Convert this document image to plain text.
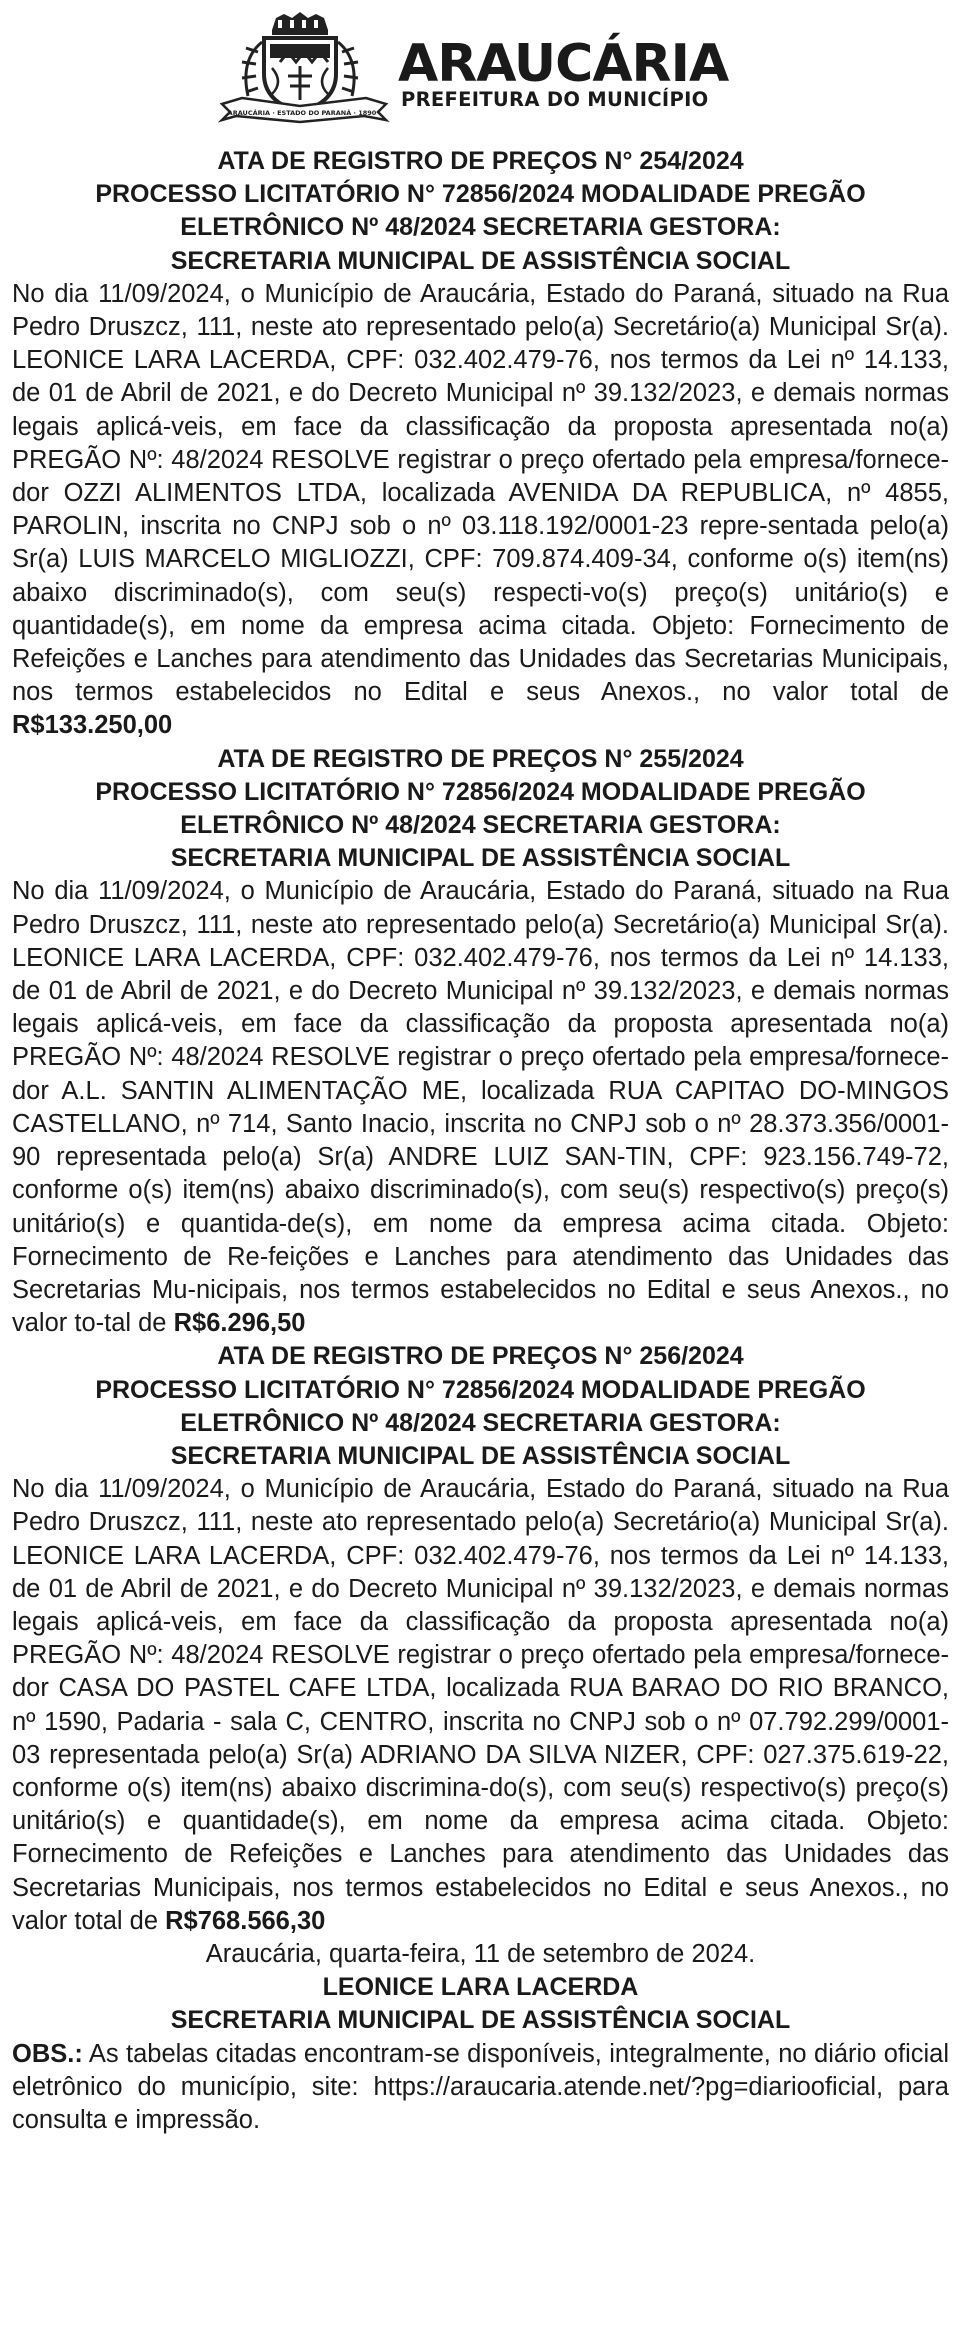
ARAUCÁRIA · ESTADO DO PARANÁ · 1890
ARAUCÁRIA
PREFEITURA DO MUNICÍPIO

ATA DE REGISTRO DE PREÇOS N° 254/2024

PROCESSO LICITATÓRIO N° 72856/2024 MODALIDADE PREGÃO

ELETRÔNICO Nº 48/2024 SECRETARIA GESTORA:

SECRETARIA MUNICIPAL DE ASSISTÊNCIA SOCIAL

No dia 11/09/2024, o Município de Araucária, Estado do Paraná, situado na Rua Pedro Druszcz, 111, neste ato representado pelo(a) Secretário(a) Municipal Sr(a). LEONICE LARA LACERDA, CPF: 032.402.479-76, nos termos da Lei nº 14.133, de 01 de Abril de 2021, e do Decreto Municipal nº 39.132/2023, e demais normas legais aplicá-veis, em face da classificação da proposta apresentada no(a) PREGÃO Nº: 48/2024 RESOLVE registrar o preço ofertado pela empresa/fornece-dor OZZI ALIMENTOS LTDA, localizada AVENIDA DA REPUBLICA, nº 4855, PAROLIN, inscrita no CNPJ sob o nº 03.118.192/0001-23 repre-sentada pelo(a) Sr(a) LUIS MARCELO MIGLIOZZI, CPF: 709.874.409-34, conforme o(s) item(ns) abaixo discriminado(s), com seu(s) respecti-vo(s) preço(s) unitário(s) e quantidade(s), em nome da empresa acima citada. Objeto: Fornecimento de Refeições e Lanches para atendimento das Unidades das Secretarias Municipais, nos termos estabelecidos no Edital e seus Anexos., no valor total de R$133.250,00

ATA DE REGISTRO DE PREÇOS N° 255/2024

PROCESSO LICITATÓRIO N° 72856/2024 MODALIDADE PREGÃO

ELETRÔNICO Nº 48/2024 SECRETARIA GESTORA:

SECRETARIA MUNICIPAL DE ASSISTÊNCIA SOCIAL

No dia 11/09/2024, o Município de Araucária, Estado do Paraná, situado na Rua Pedro Druszcz, 111, neste ato representado pelo(a) Secretário(a) Municipal Sr(a). LEONICE LARA LACERDA, CPF: 032.402.479-76, nos termos da Lei nº 14.133, de 01 de Abril de 2021, e do Decreto Municipal nº 39.132/2023, e demais normas legais aplicá-veis, em face da classificação da proposta apresentada no(a) PREGÃO Nº: 48/2024 RESOLVE registrar o preço ofertado pela empresa/fornece-dor A.L. SANTIN ALIMENTAÇÃO ME, localizada RUA CAPITAO DO-MINGOS CASTELLANO, nº 714, Santo Inacio, inscrita no CNPJ sob o nº 28.373.356/0001-90 representada pelo(a) Sr(a) ANDRE LUIZ SAN-TIN, CPF: 923.156.749-72, conforme o(s) item(ns) abaixo discriminado(s), com seu(s) respectivo(s) preço(s) unitário(s) e quantida-de(s), em nome da empresa acima citada. Objeto: Fornecimento de Re-feições e Lanches para atendimento das Unidades das Secretarias Mu-nicipais, nos termos estabelecidos no Edital e seus Anexos., no valor to-tal de R$6.296,50

ATA DE REGISTRO DE PREÇOS N° 256/2024

PROCESSO LICITATÓRIO N° 72856/2024 MODALIDADE PREGÃO

ELETRÔNICO Nº 48/2024 SECRETARIA GESTORA:

SECRETARIA MUNICIPAL DE ASSISTÊNCIA SOCIAL

No dia 11/09/2024, o Município de Araucária, Estado do Paraná, situado na Rua Pedro Druszcz, 111, neste ato representado pelo(a) Secretário(a) Municipal Sr(a). LEONICE LARA LACERDA, CPF: 032.402.479-76, nos termos da Lei nº 14.133, de 01 de Abril de 2021, e do Decreto Municipal nº 39.132/2023, e demais normas legais aplicá-veis, em face da classificação da proposta apresentada no(a) PREGÃO Nº: 48/2024 RESOLVE registrar o preço ofertado pela empresa/fornece-dor CASA DO PASTEL CAFE LTDA, localizada RUA BARAO DO RIO BRANCO, nº 1590, Padaria - sala C, CENTRO, inscrita no CNPJ sob o nº 07.792.299/0001-03 representada pelo(a) Sr(a) ADRIANO DA SILVA NIZER, CPF: 027.375.619-22, conforme o(s) item(ns) abaixo discrimina-do(s), com seu(s) respectivo(s) preço(s) unitário(s) e quantidade(s), em nome da empresa acima citada. Objeto: Fornecimento de Refeições e Lanches para atendimento das Unidades das Secretarias Municipais, nos termos estabelecidos no Edital e seus Anexos., no valor total de R$768.566,30

Araucária, quarta-feira, 11 de setembro de 2024.

LEONICE LARA LACERDA

SECRETARIA MUNICIPAL DE ASSISTÊNCIA SOCIAL

OBS.: As tabelas citadas encontram-se disponíveis, integralmente, no diário oficial eletrônico do município, site: https://araucaria.atende.net/?pg=diariooficial, para consulta e impressão.
